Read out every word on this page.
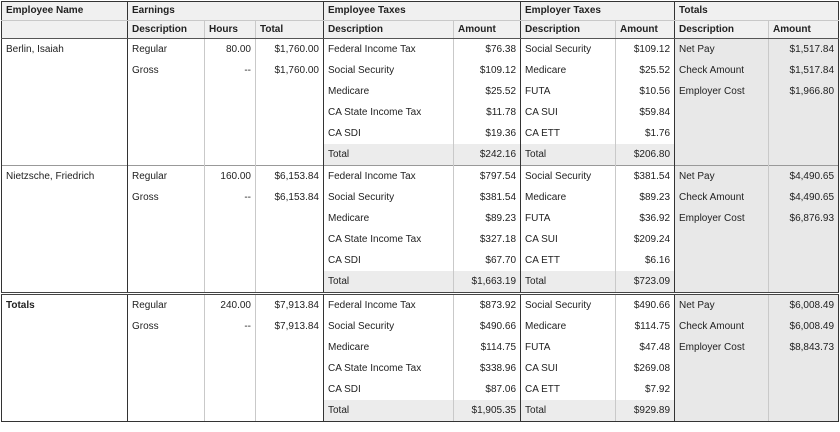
Employee Name	Earnings			Employee Taxes		Employer Taxes		Totals	
	Description	Hours	Total	Description	Amount	Description	Amount	Description	Amount
Berlin, Isaiah	Regular	80.00	$1,760.00	Federal Income Tax	$76.38	Social Security	$109.12	Net Pay	$1,517.84
	Gross	--	$1,760.00	Social Security	$109.12	Medicare	$25.52	Check Amount	$1,517.84
				Medicare	$25.52	FUTA	$10.56	Employer Cost	$1,966.80
				CA State Income Tax	$11.78	CA SUI	$59.84		
				CA SDI	$19.36	CA ETT	$1.76		
				Total	$242.16	Total	$206.80		
Nietzsche, Friedrich	Regular	160.00	$6,153.84	Federal Income Tax	$797.54	Social Security	$381.54	Net Pay	$4,490.65
	Gross	--	$6,153.84	Social Security	$381.54	Medicare	$89.23	Check Amount	$4,490.65
				Medicare	$89.23	FUTA	$36.92	Employer Cost	$6,876.93
				CA State Income Tax	$327.18	CA SUI	$209.24		
				CA SDI	$67.70	CA ETT	$6.16		
				Total	$1,663.19	Total	$723.09		
Totals	Regular	240.00	$7,913.84	Federal Income Tax	$873.92	Social Security	$490.66	Net Pay	$6,008.49
	Gross	--	$7,913.84	Social Security	$490.66	Medicare	$114.75	Check Amount	$6,008.49
				Medicare	$114.75	FUTA	$47.48	Employer Cost	$8,843.73
				CA State Income Tax	$338.96	CA SUI	$269.08		
				CA SDI	$87.06	CA ETT	$7.92		
				Total	$1,905.35	Total	$929.89		
